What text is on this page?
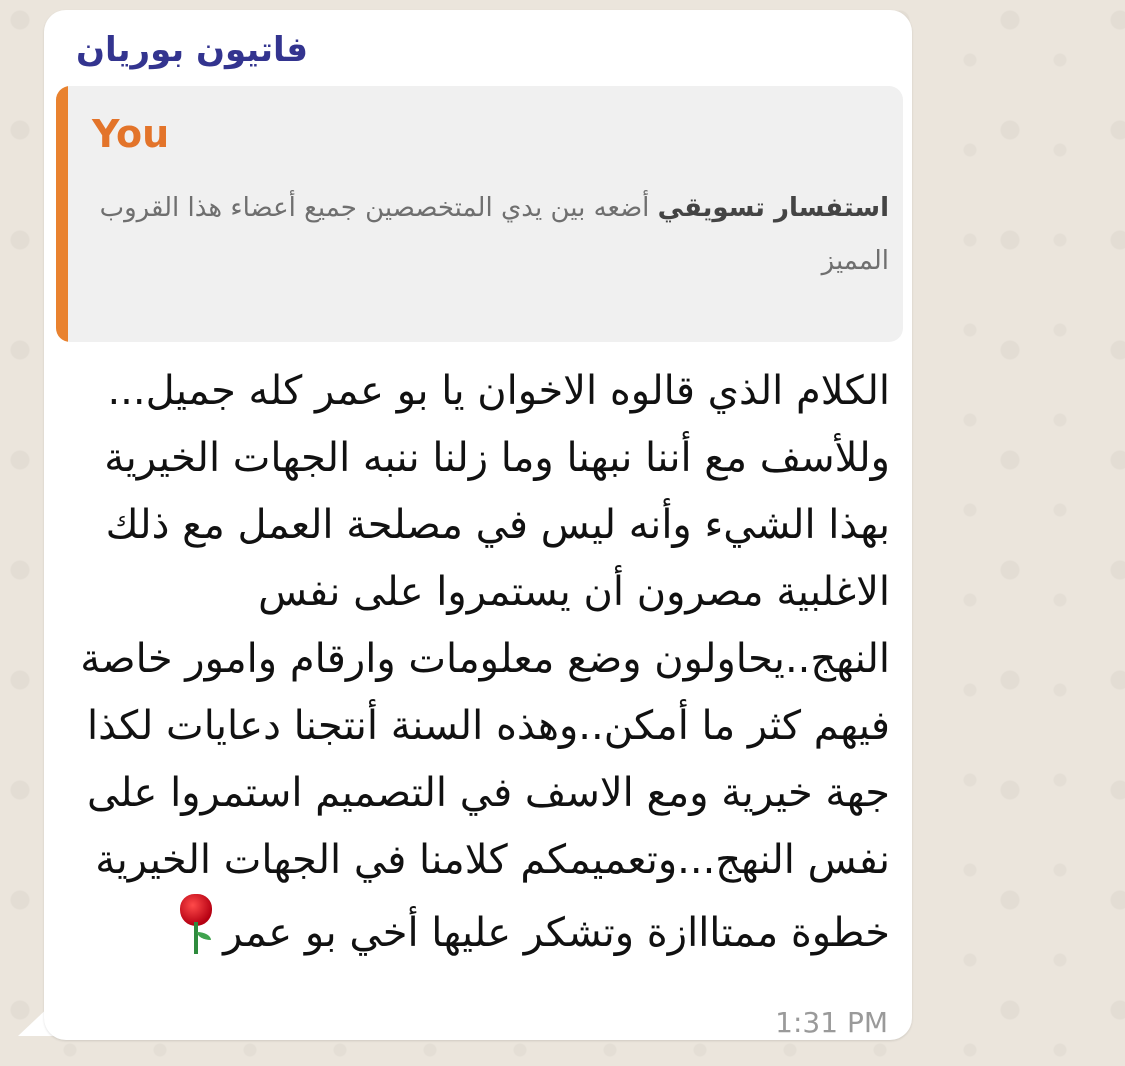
فاتيون بوريان
You
استفسار تسويقي أضعه بين يدي المتخصصين جميع أعضاء هذا القروب المميز
الكلام الذي قالوه الاخوان يا بو عمر كله جميل... وللأسف مع أننا نبهنا وما زلنا ننبه الجهات الخيرية بهذا الشيء وأنه ليس في مصلحة العمل مع ذلك الاغلبية مصرون أن يستمروا على نفس النهج..يحاولون وضع معلومات وارقام وامور خاصة فيهم كثر ما أمكن..وهذه السنة أنتجنا دعايات لكذا جهة خيرية ومع الاسف في التصميم استمروا على نفس النهج...وتعميمكم كلامنا في الجهات الخيرية خطوة ممتااازة وتشكر عليها أخي بو عمر
1:31 PM
